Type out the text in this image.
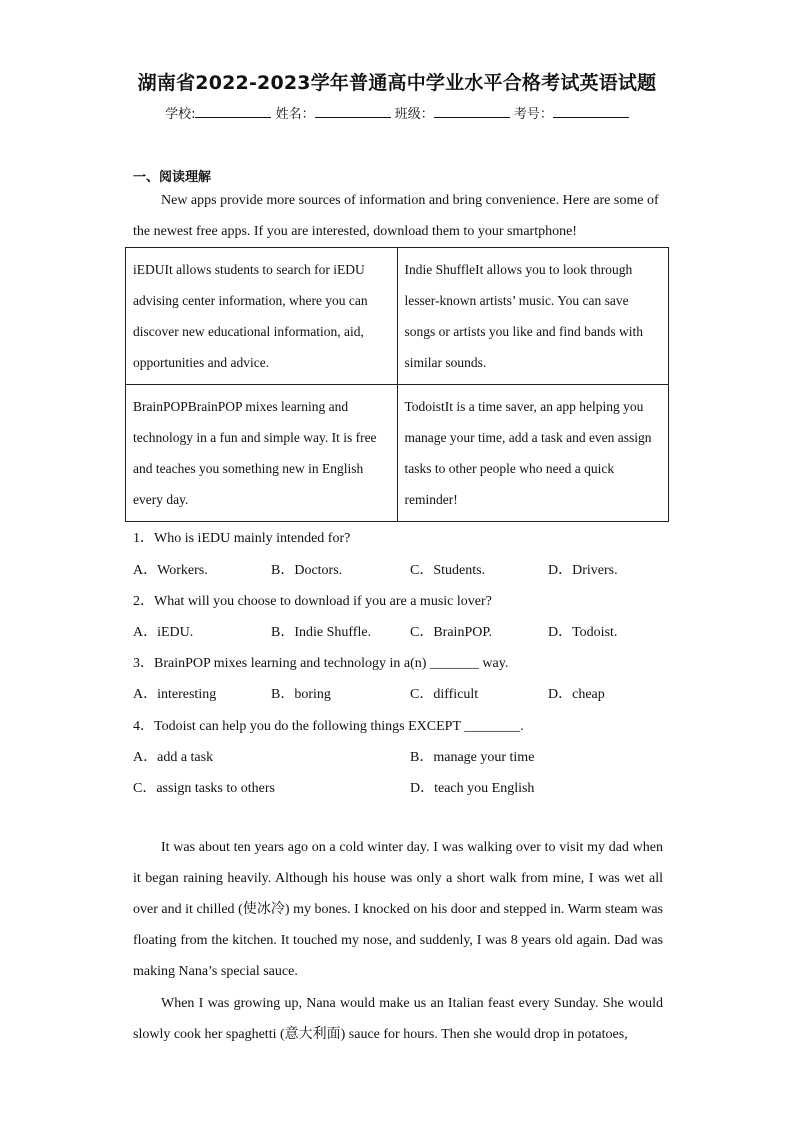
湖南省2022-2023学年普通高中学业水平合格考试英语试题
学校:	姓名：	班级：	考号：
一、阅读理解

New apps provide more sources of information and bring convenience. Here are some of the newest free apps. If you are interested, download them to your smartphone!

iEDUIt allows students to search for iEDU advising center information, where you can discover new educational information, aid, opportunities and advice.	Indie ShuffleIt allows you to look through lesser-known artists’ music. You can save songs or artists you like and find bands with similar sounds.
BrainPOPBrainPOP mixes learning and technology in a fun and simple way. It is free and teaches you something new in English every day.	TodoistIt is a time saver, an app helping you manage your time, add a task and even assign tasks to other people who need a quick reminder!
1．Who is iEDU mainly intended for?
A．Workers.	B．Doctors.	C．Students.	D．Drivers.
2．What will you choose to download if you are a music lover?
A．iEDU.	B．Indie Shuffle.	C．BrainPOP.	D．Todoist.
3．BrainPOP mixes learning and technology in a(n) _______ way.
A．interesting	B．boring	C．difficult	D．cheap
4．Todoist can help you do the following things EXCEPT ________.
A．add a task	B．manage your time
C．assign tasks to others	D．teach you English

It was about ten years ago on a cold winter day. I was walking over to visit my dad when it began raining heavily. Although his house was only a short walk from mine, I was wet all over and it chilled (使冰冷) my bones. I knocked on his door and stepped in. Warm steam was floating from the kitchen. It touched my nose, and suddenly, I was 8 years old again. Dad was making Nana’s special sauce.

When I was growing up, Nana would make us an Italian feast every Sunday. She would slowly cook her spaghetti (意大利面) sauce for hours. Then she would drop in potatoes,
